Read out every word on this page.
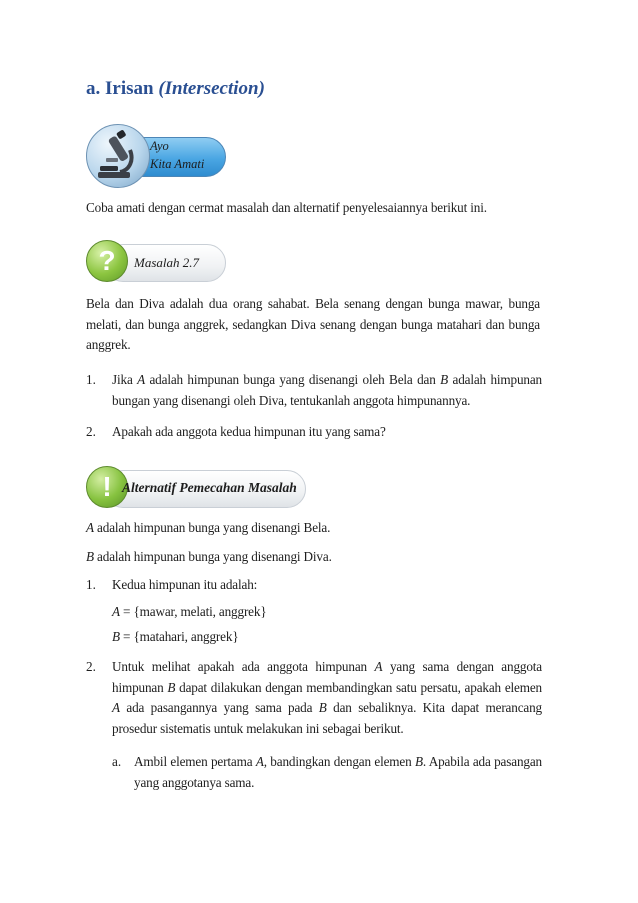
a. Irisan (Intersection)
Ayo
Kita Amati
Coba amati dengan cermat masalah dan alternatif penyelesaiannya berikut ini.
?	Masalah 2.7
Bela dan Diva adalah dua orang sahabat. Bela senang dengan bunga mawar, bunga melati, dan bunga anggrek, sedangkan Diva senang dengan bunga matahari dan bunga anggrek.
1. Jika A adalah himpunan bunga yang disenangi oleh Bela dan B adalah himpunan bungan yang disenangi oleh Diva, tentukanlah anggota himpunannya.
2. Apakah ada anggota kedua himpunan itu yang sama?
! Alternatif Pemecahan Masalah
A adalah himpunan bunga yang disenangi Bela.
B adalah himpunan bunga yang disenangi Diva.
1. Kedua himpunan itu adalah:
A = {mawar, melati, anggrek}
B = {matahari, anggrek}
2. Untuk melihat apakah ada anggota himpunan A yang sama dengan anggota himpunan B dapat dilakukan dengan membandingkan satu persatu, apakah elemen A ada pasangannya yang sama pada B dan sebaliknya. Kita dapat merancang prosedur sistematis untuk melakukan ini sebagai berikut.
a. Ambil elemen pertama A, bandingkan dengan elemen B. Apabila ada pasangan yang anggotanya sama.
